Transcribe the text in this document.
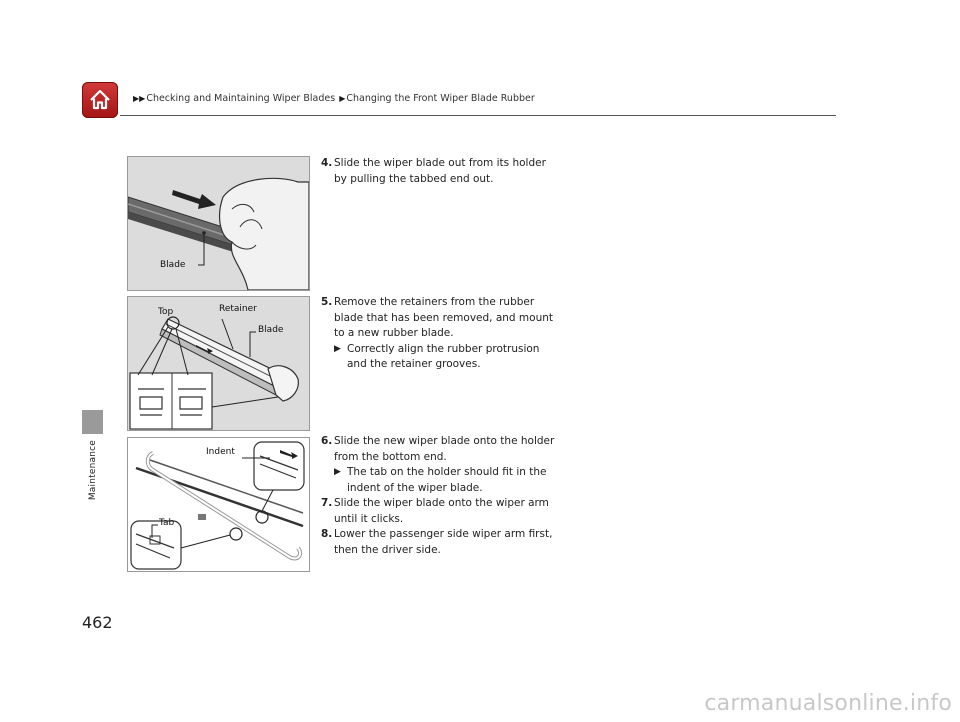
▶▶Checking and Maintaining Wiper Blades ▶Changing the Front Wiper Blade Rubber
Maintenance
Blade
Top	Retainer
Blade
Indent
Tab
4. Slide the wiper blade out from its holder by pulling the tabbed end out.
5. Remove the retainers from the rubber blade that has been removed, and mount to a new rubber blade.
▶ Correctly align the rubber protrusion and the retainer grooves.
6. Slide the new wiper blade onto the holder from the bottom end.
▶ The tab on the holder should fit in the indent of the wiper blade.
7. Slide the wiper blade onto the wiper arm until it clicks.
8. Lower the passenger side wiper arm first, then the driver side.
462
carmanualsonline.info
